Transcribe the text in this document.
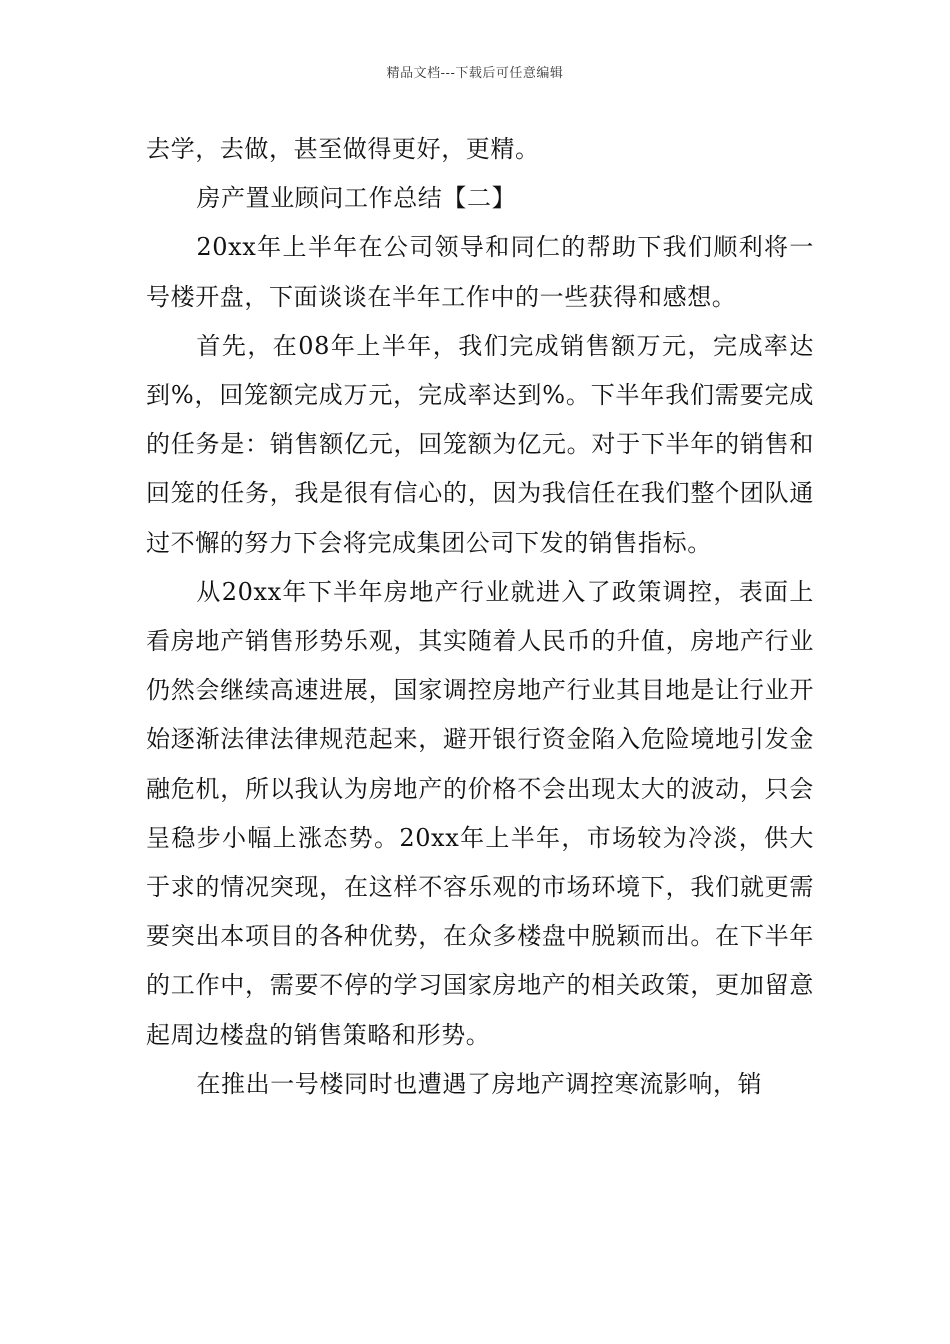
精品文档---下载后可任意编辑

去学，去做，甚至做得更好，更精。

房产置业顾问工作总结【二】

20xx年上半年在公司领导和同仁的帮助下我们顺利将一号楼开盘，下面谈谈在半年工作中的一些获得和感想。

首先，在08年上半年，我们完成销售额万元，完成率达到%，回笼额完成万元，完成率达到%。下半年我们需要完成的任务是：销售额亿元，回笼额为亿元。对于下半年的销售和回笼的任务，我是很有信心的，因为我信任在我们整个团队通过不懈的努力下会将完成集团公司下发的销售指标。

从20xx年下半年房地产行业就进入了政策调控，表面上看房地产销售形势乐观，其实随着人民币的升值，房地产行业仍然会继续高速进展，国家调控房地产行业其目地是让行业开始逐渐法律法律规范起来，避开银行资金陷入危险境地引发金融危机，所以我认为房地产的价格不会出现太大的波动，只会呈稳步小幅上涨态势。20xx年上半年，市场较为冷淡，供大于求的情况突现，在这样不容乐观的市场环境下，我们就更需要突出本项目的各种优势，在众多楼盘中脱颖而出。在下半年的工作中，需要不停的学习国家房地产的相关政策，更加留意起周边楼盘的销售策略和形势。

在推出一号楼同时也遭遇了房地产调控寒流影响，销
